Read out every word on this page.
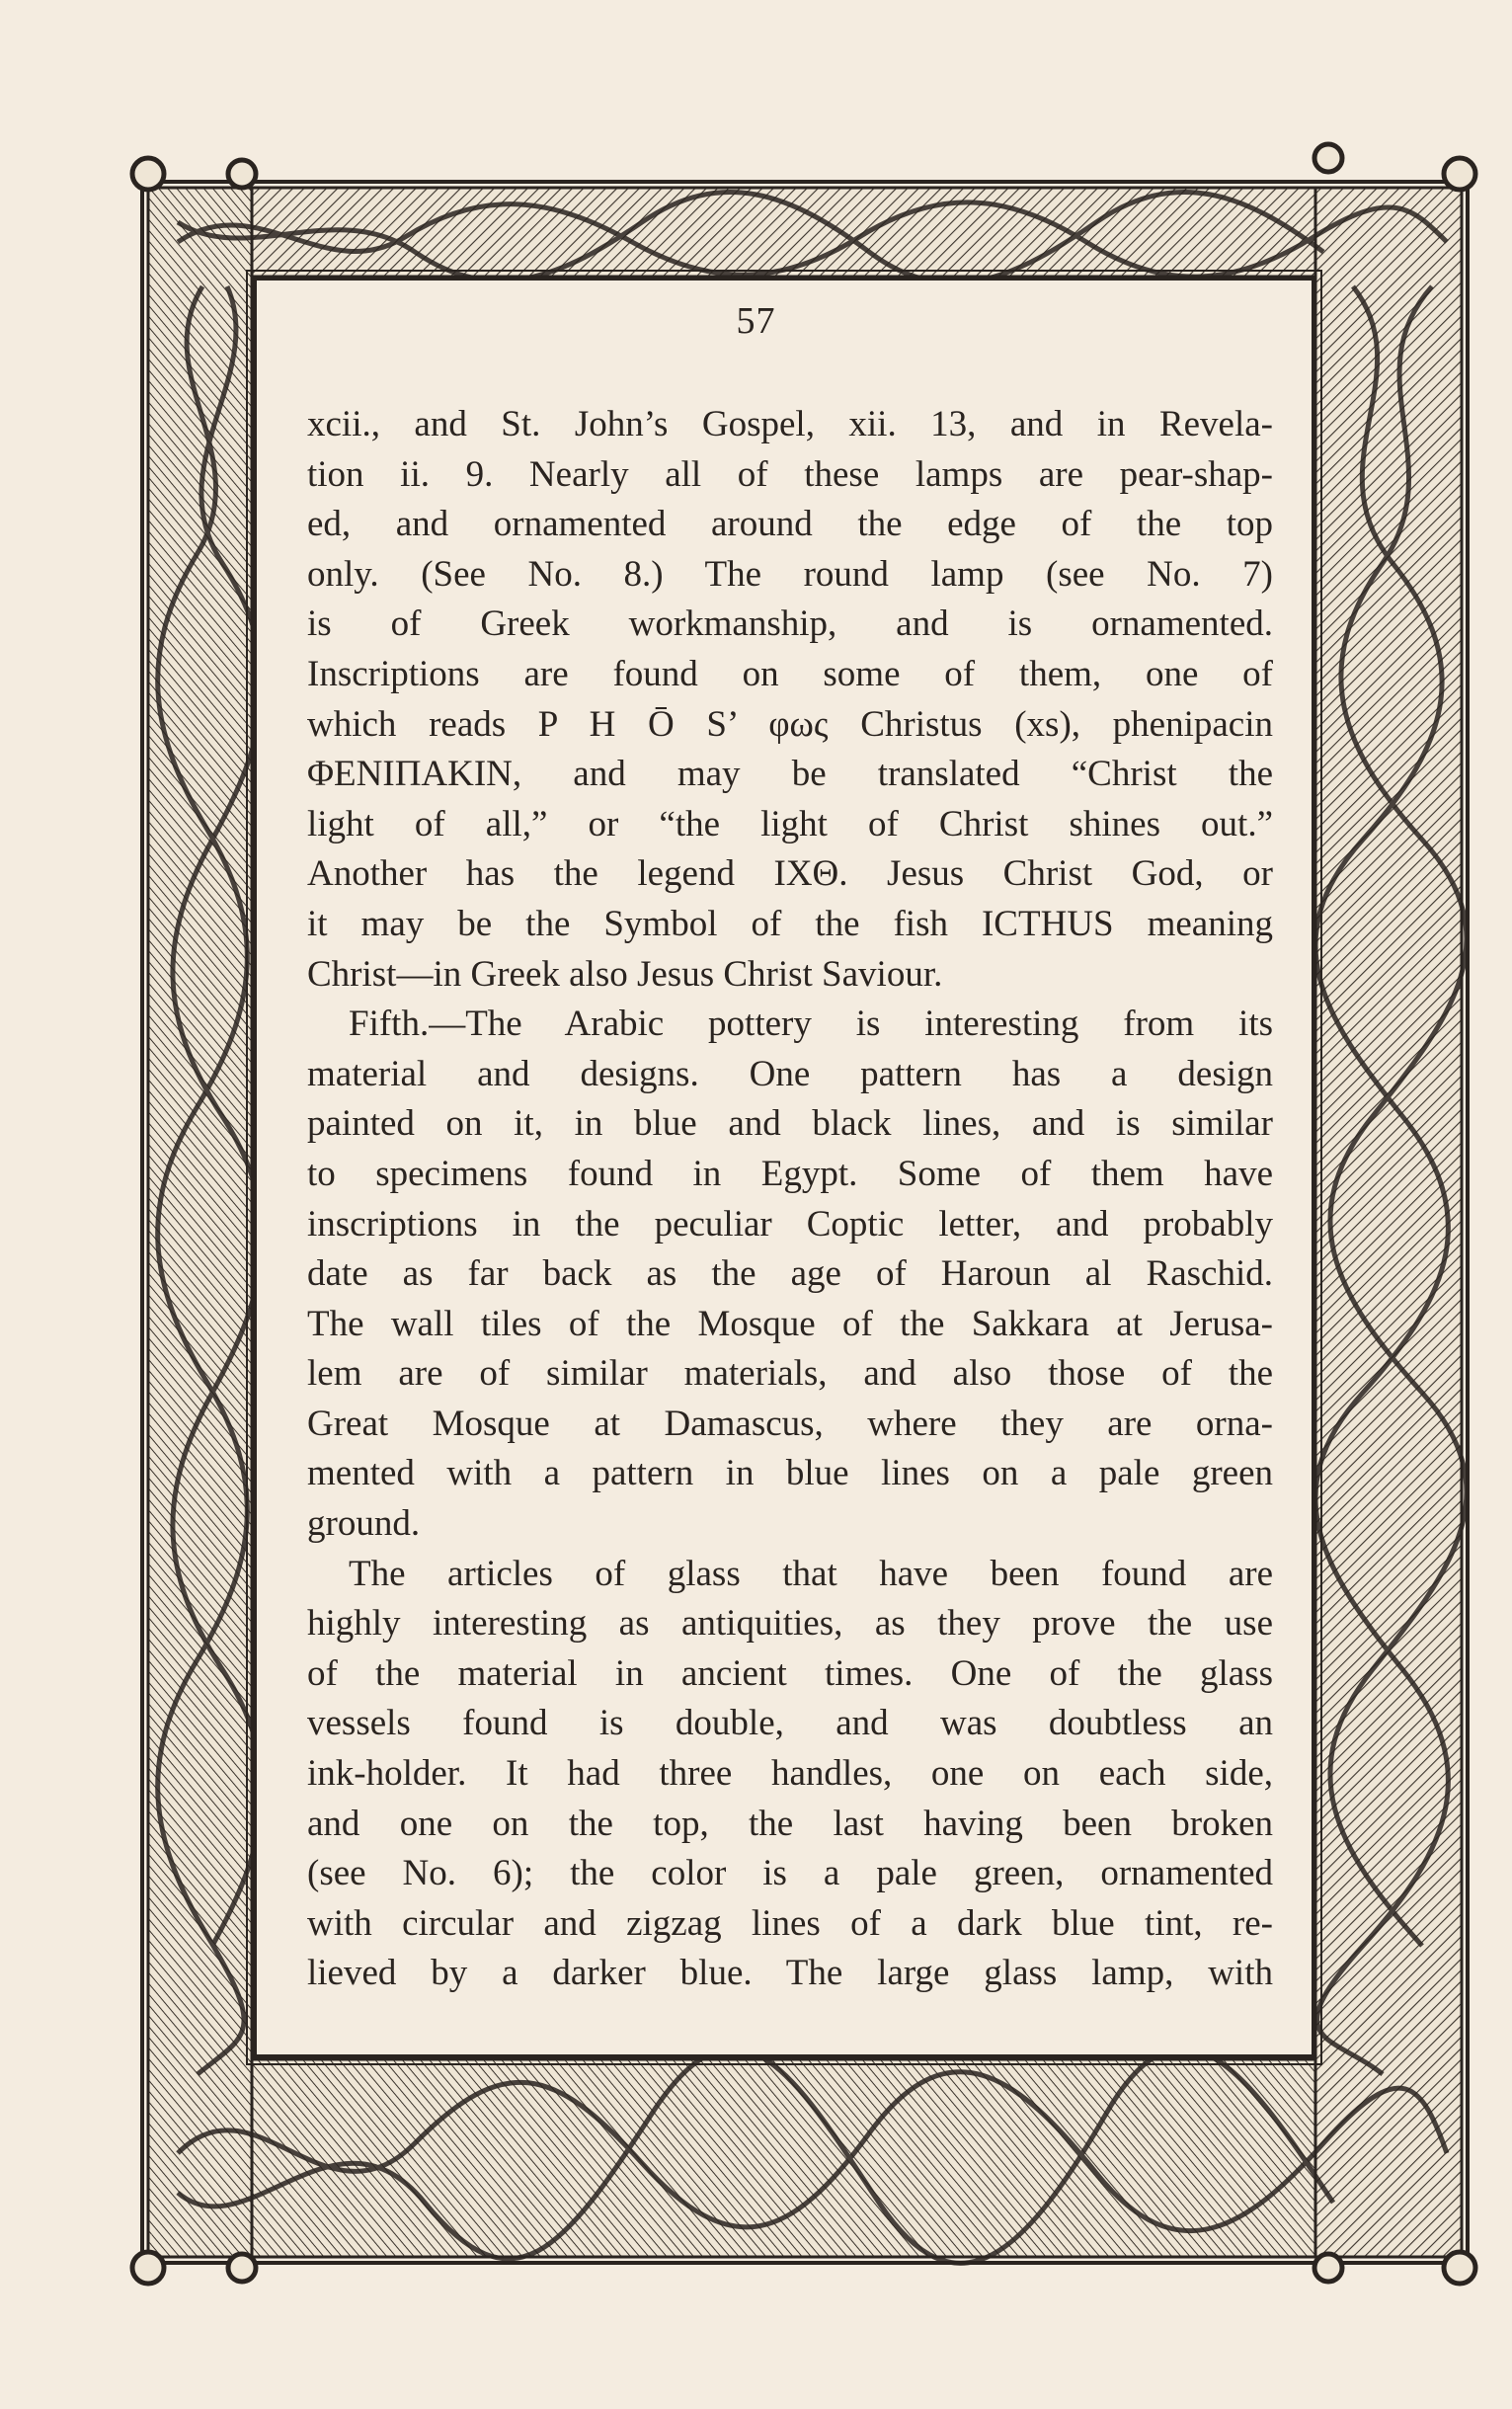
57
xcii., and St. John’s Gospel, xii. 13, and in Revela-
tion ii. 9. Nearly all of these lamps are pear-shap-
ed, and ornamented around the edge of the top
only. (See No. 8.) The round lamp (see No. 7)
is of Greek workmanship, and is ornamented.
Inscriptions are found on some of them, one of
which reads P H Ō S’ φως Christus (xs), phenipacin
ΦENIΠAKIN, and may be translated “Christ the
light of all,” or “the light of Christ shines out.”
Another has the legend IXΘ. Jesus Christ God, or
it may be the Symbol of the fish ICTHUS meaning
Christ—in Greek also Jesus Christ Saviour.
Fifth.—The Arabic pottery is interesting from its
material and designs. One pattern has a design
painted on it, in blue and black lines, and is similar
to specimens found in Egypt. Some of them have
inscriptions in the peculiar Coptic letter, and probably
date as far back as the age of Haroun al Raschid.
The wall tiles of the Mosque of the Sakkara at Jerusa-
lem are of similar materials, and also those of the
Great Mosque at Damascus, where they are orna-
mented with a pattern in blue lines on a pale green
ground.
The articles of glass that have been found are
highly interesting as antiquities, as they prove the use
of the material in ancient times. One of the glass
vessels found is double, and was doubtless an
ink-holder. It had three handles, one on each side,
and one on the top, the last having been broken
(see No. 6); the color is a pale green, ornamented
with circular and zigzag lines of a dark blue tint, re-
lieved by a darker blue. The large glass lamp, with
